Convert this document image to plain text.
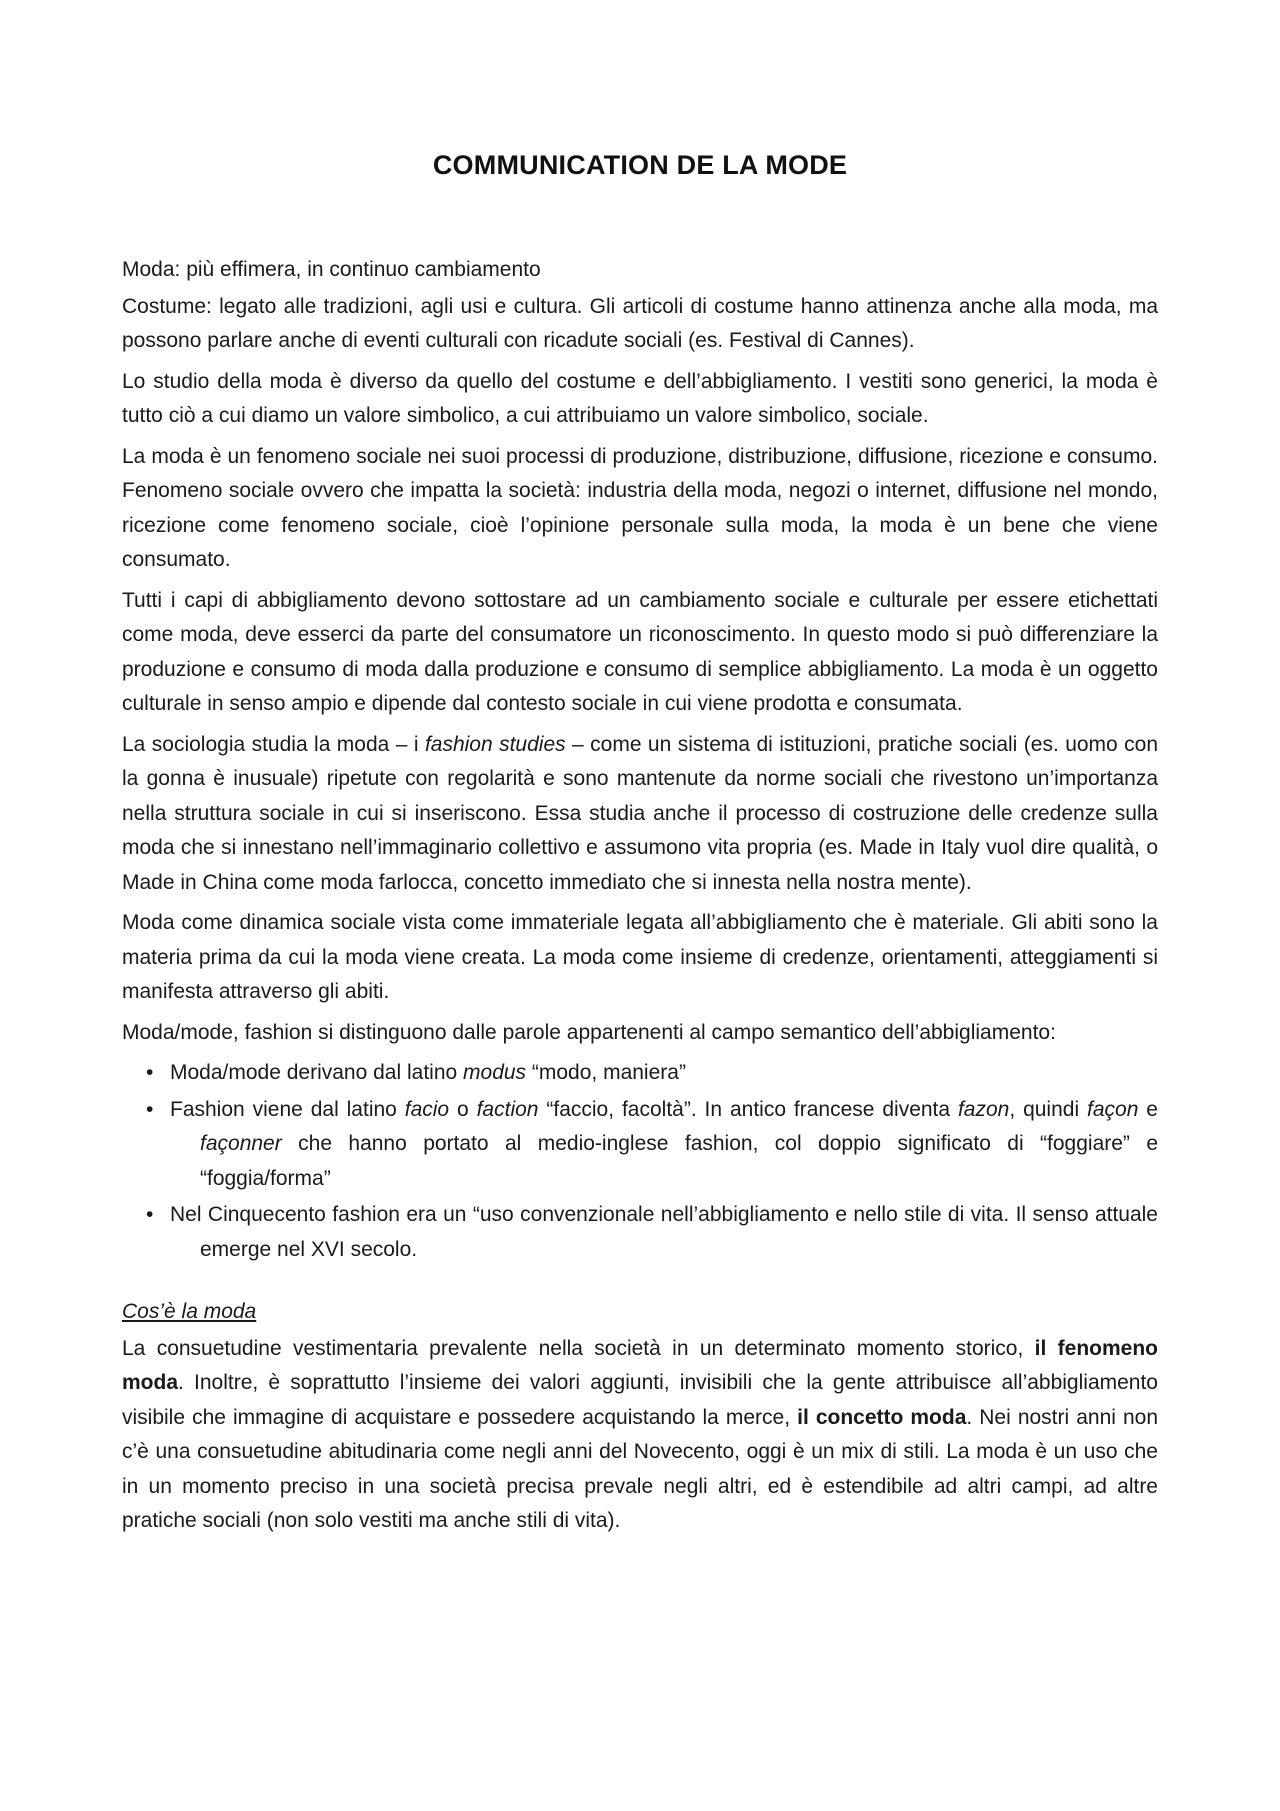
COMMUNICATION DE LA MODE

Moda: più effimera, in continuo cambiamento

Costume: legato alle tradizioni, agli usi e cultura. Gli articoli di costume hanno attinenza anche alla moda, ma possono parlare anche di eventi culturali con ricadute sociali (es. Festival di Cannes).

Lo studio della moda è diverso da quello del costume e dell’abbigliamento. I vestiti sono generici, la moda è tutto ciò a cui diamo un valore simbolico, a cui attribuiamo un valore simbolico, sociale.

La moda è un fenomeno sociale nei suoi processi di produzione, distribuzione, diffusione, ricezione e consumo. Fenomeno sociale ovvero che impatta la società: industria della moda, negozi o internet, diffusione nel mondo, ricezione come fenomeno sociale, cioè l’opinione personale sulla moda, la moda è un bene che viene consumato.

Tutti i capi di abbigliamento devono sottostare ad un cambiamento sociale e culturale per essere etichettati come moda, deve esserci da parte del consumatore un riconoscimento. In questo modo si può differenziare la produzione e consumo di moda dalla produzione e consumo di semplice abbigliamento. La moda è un oggetto culturale in senso ampio e dipende dal contesto sociale in cui viene prodotta e consumata.

La sociologia studia la moda – i fashion studies – come un sistema di istituzioni, pratiche sociali (es. uomo con la gonna è inusuale) ripetute con regolarità e sono mantenute da norme sociali che rivestono un’importanza nella struttura sociale in cui si inseriscono. Essa studia anche il processo di costruzione delle credenze sulla moda che si innestano nell’immaginario collettivo e assumono vita propria (es. Made in Italy vuol dire qualità, o Made in China come moda farlocca, concetto immediato che si innesta nella nostra mente).

Moda come dinamica sociale vista come immateriale legata all’abbigliamento che è materiale. Gli abiti sono la materia prima da cui la moda viene creata. La moda come insieme di credenze, orientamenti, atteggiamenti si manifesta attraverso gli abiti.

Moda/mode, fashion si distinguono dalle parole appartenenti al campo semantico dell’abbigliamento:

• Moda/mode derivano dal latino modus “modo, maniera”
• Fashion viene dal latino facio o faction “faccio, facoltà”. In antico francese diventa fazon, quindi façon e façonner che hanno portato al medio-inglese fashion, col doppio significato di “foggiare” e “foggia/forma”
• Nel Cinquecento fashion era un “uso convenzionale nell’abbigliamento e nello stile di vita. Il senso attuale emerge nel XVI secolo.
Cos’è la moda

La consuetudine vestimentaria prevalente nella società in un determinato momento storico, il fenomeno moda. Inoltre, è soprattutto l’insieme dei valori aggiunti, invisibili che la gente attribuisce all’abbigliamento visibile che immagine di acquistare e possedere acquistando la merce, il concetto moda. Nei nostri anni non c’è una consuetudine abitudinaria come negli anni del Novecento, oggi è un mix di stili. La moda è un uso che in un momento preciso in una società precisa prevale negli altri, ed è estendibile ad altri campi, ad altre pratiche sociali (non solo vestiti ma anche stili di vita).
